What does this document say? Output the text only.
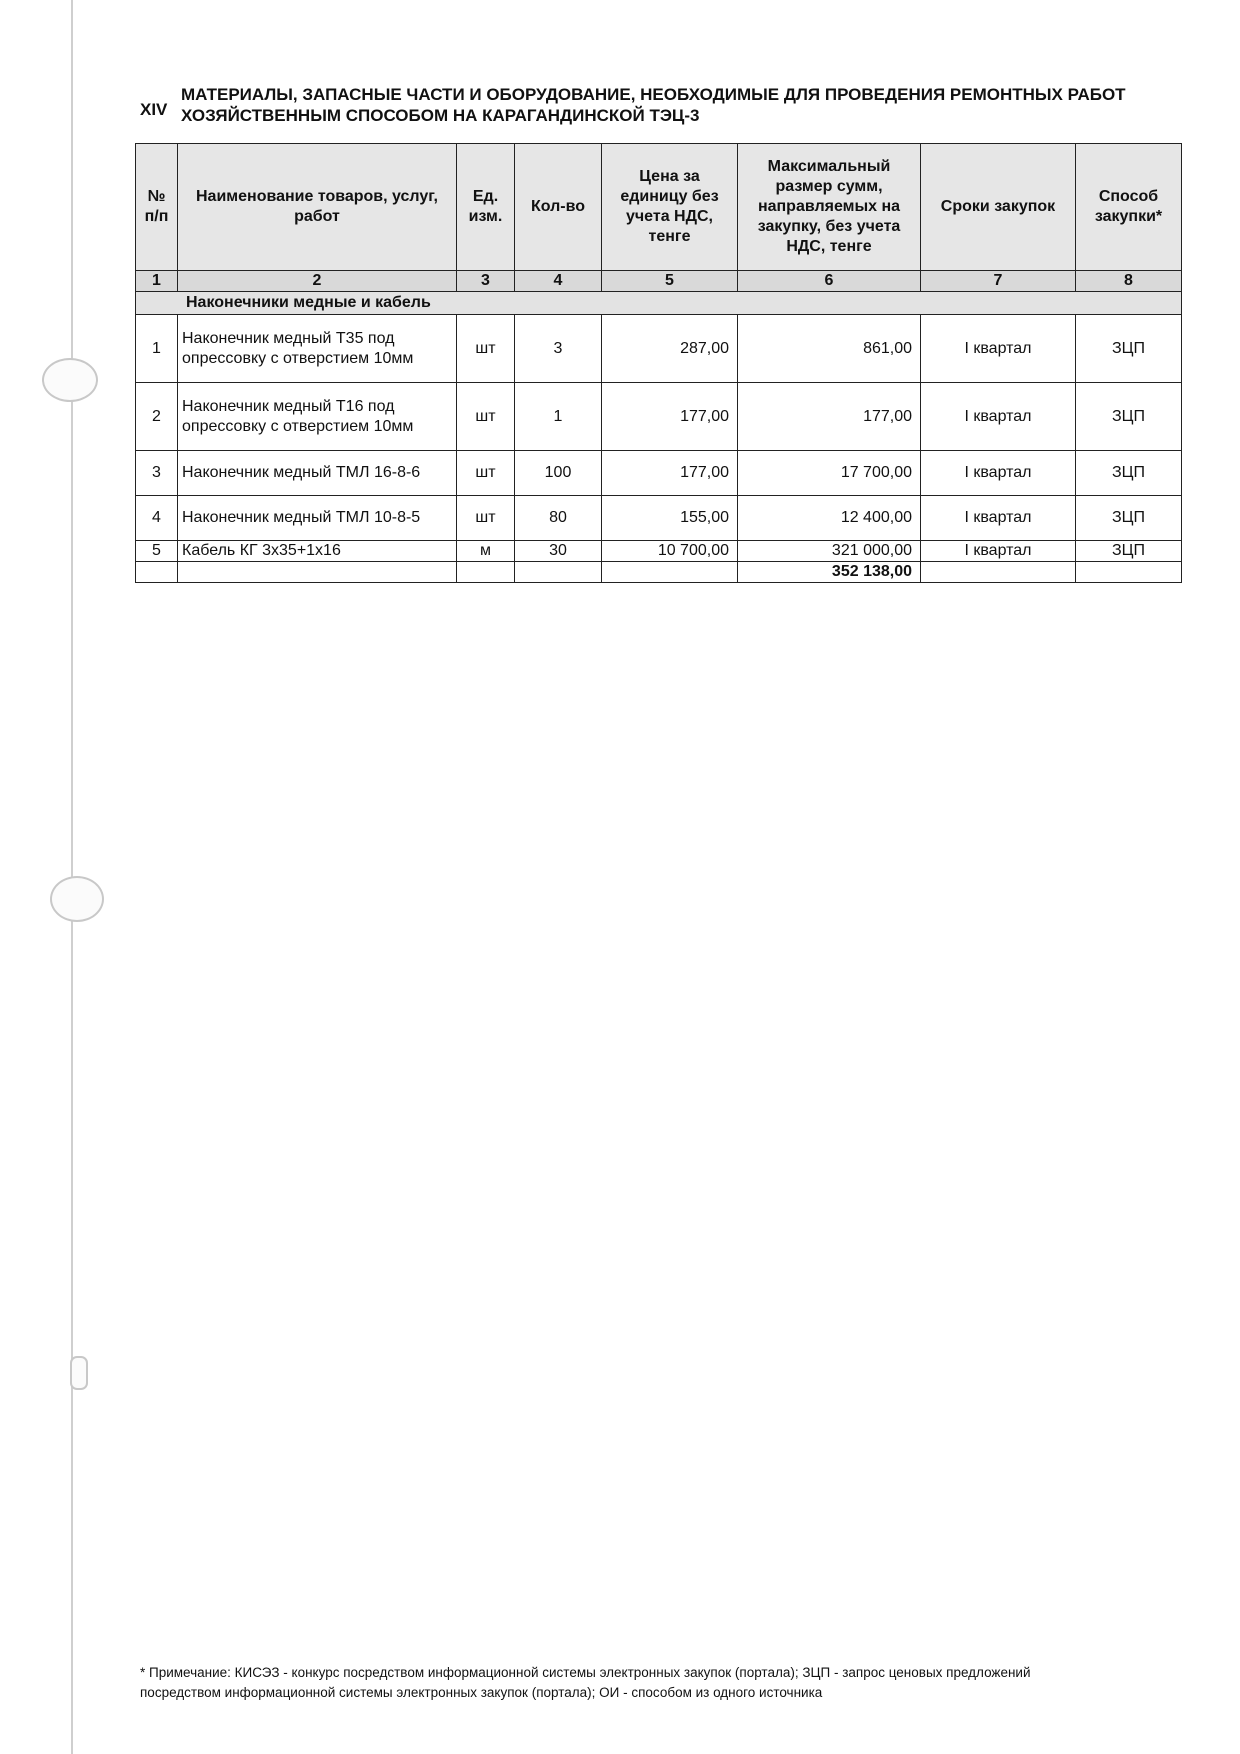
XIV
МАТЕРИАЛЫ, ЗАПАСНЫЕ ЧАСТИ И ОБОРУДОВАНИЕ, НЕОБХОДИМЫЕ ДЛЯ ПРОВЕДЕНИЯ РЕМОНТНЫХ РАБОТ
ХОЗЯЙСТВЕННЫМ СПОСОБОМ НА КАРАГАНДИНСКОЙ ТЭЦ-3
№ п/п	Наименование товаров, услуг, работ	Ед. изм.	Кол-во	Цена за единицу без учета НДС, тенге	Максимальный размер сумм, направляемых на закупку, без учета НДС, тенге	Сроки закупок	Способ закупки*
1	2	3	4	5	6	7	8
Наконечники медные и кабель							
1	Наконечник медный Т35 под опрессовку с отверстием 10мм	шт	3	287,00	861,00	I квартал	ЗЦП
2	Наконечник медный Т16 под опрессовку с отверстием 10мм	шт	1	177,00	177,00	I квартал	ЗЦП
3	Наконечник медный ТМЛ 16-8-6	шт	100	177,00	17 700,00	I квартал	ЗЦП
4	Наконечник медный ТМЛ 10-8-5	шт	80	155,00	12 400,00	I квартал	ЗЦП
5	Кабель КГ 3х35+1х16	м	30	10 700,00	321 000,00	I квартал	ЗЦП
					352 138,00		
* Примечание: КИСЭЗ - конкурс посредством информационной системы электронных закупок (портала); ЗЦП - запрос ценовых предложений посредством информационной системы электронных закупок (портала); ОИ - способом из одного источника
